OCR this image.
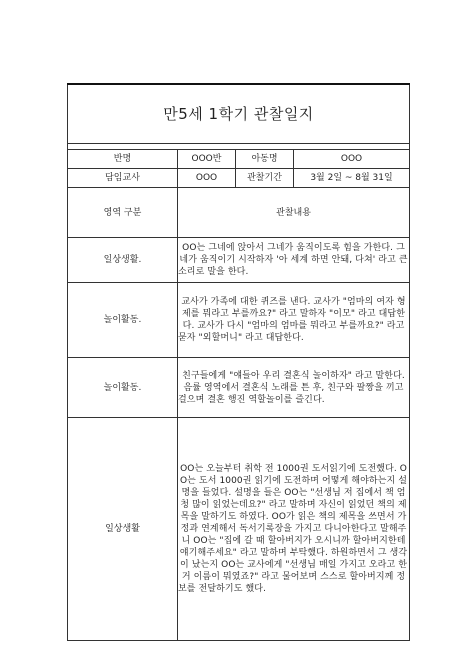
만5세 1학기 관찰일지			

반명	OOO반	아동명	OOO
담임교사	OOO	관찰기간	3월 2일 ~ 8월 31일
영역 구분	관찰내용		
일상생활.	OO는 그네에 앉아서 그네가 움직이도록 힘을 가한다. 그네가 움직이기 시작하자 '아 세계 하면 안돼, 다쳐' 라고 큰소리로 말을 한다.		
놀이활동.	교사가 가족에 대한 퀴즈를 낸다. 교사가 "엄마의 여자 형제를 뭐라고 부를까요?" 라고 말하자 "이모" 라고 대답한다. 교사가 다시 "엄마의 엄마를 뭐라고 부를까요?" 라고 묻자 "외할머니" 라고 대답한다.		
놀이활동.	친구들에게 "얘들아 우리 결혼식 놀이하자" 라고 말한다. 음률 영역에서 결혼식 노래를 튼 후, 친구와 팔짱을 끼고 걸으며 결혼 행진 역할놀이를 즐긴다.		
일상생활	OO는 오늘부터 취학 전 1000권 도서읽기에 도전했다. OO는 도서 1000권 읽기에 도전하며 어떻게 해야하는지 설명을 들었다. 설명을 들은 OO는 "선생님 저 집에서 책 엄청 많이 읽었는데요?" 라고 말하며 자신이 읽었던 책의 제목을 말하기도 하였다. OO가 읽은 책의 제목을 쓰면서 가정과 연계해서 독서기록장을 가지고 다니아한다고 말해주니 OO는 "집에 갈 때 할아버지가 오시니까 할아버지한테 얘기해주세요" 라고 말하며 부탁했다. 하원하면서 그 생각이 났는지 OO는 교사에게 "선생님 매일 가지고 오라고 한거 이름이 뭐였죠?" 라고 물어보며 스스로 할아버지께 정보를 전달하기도 했다.		
